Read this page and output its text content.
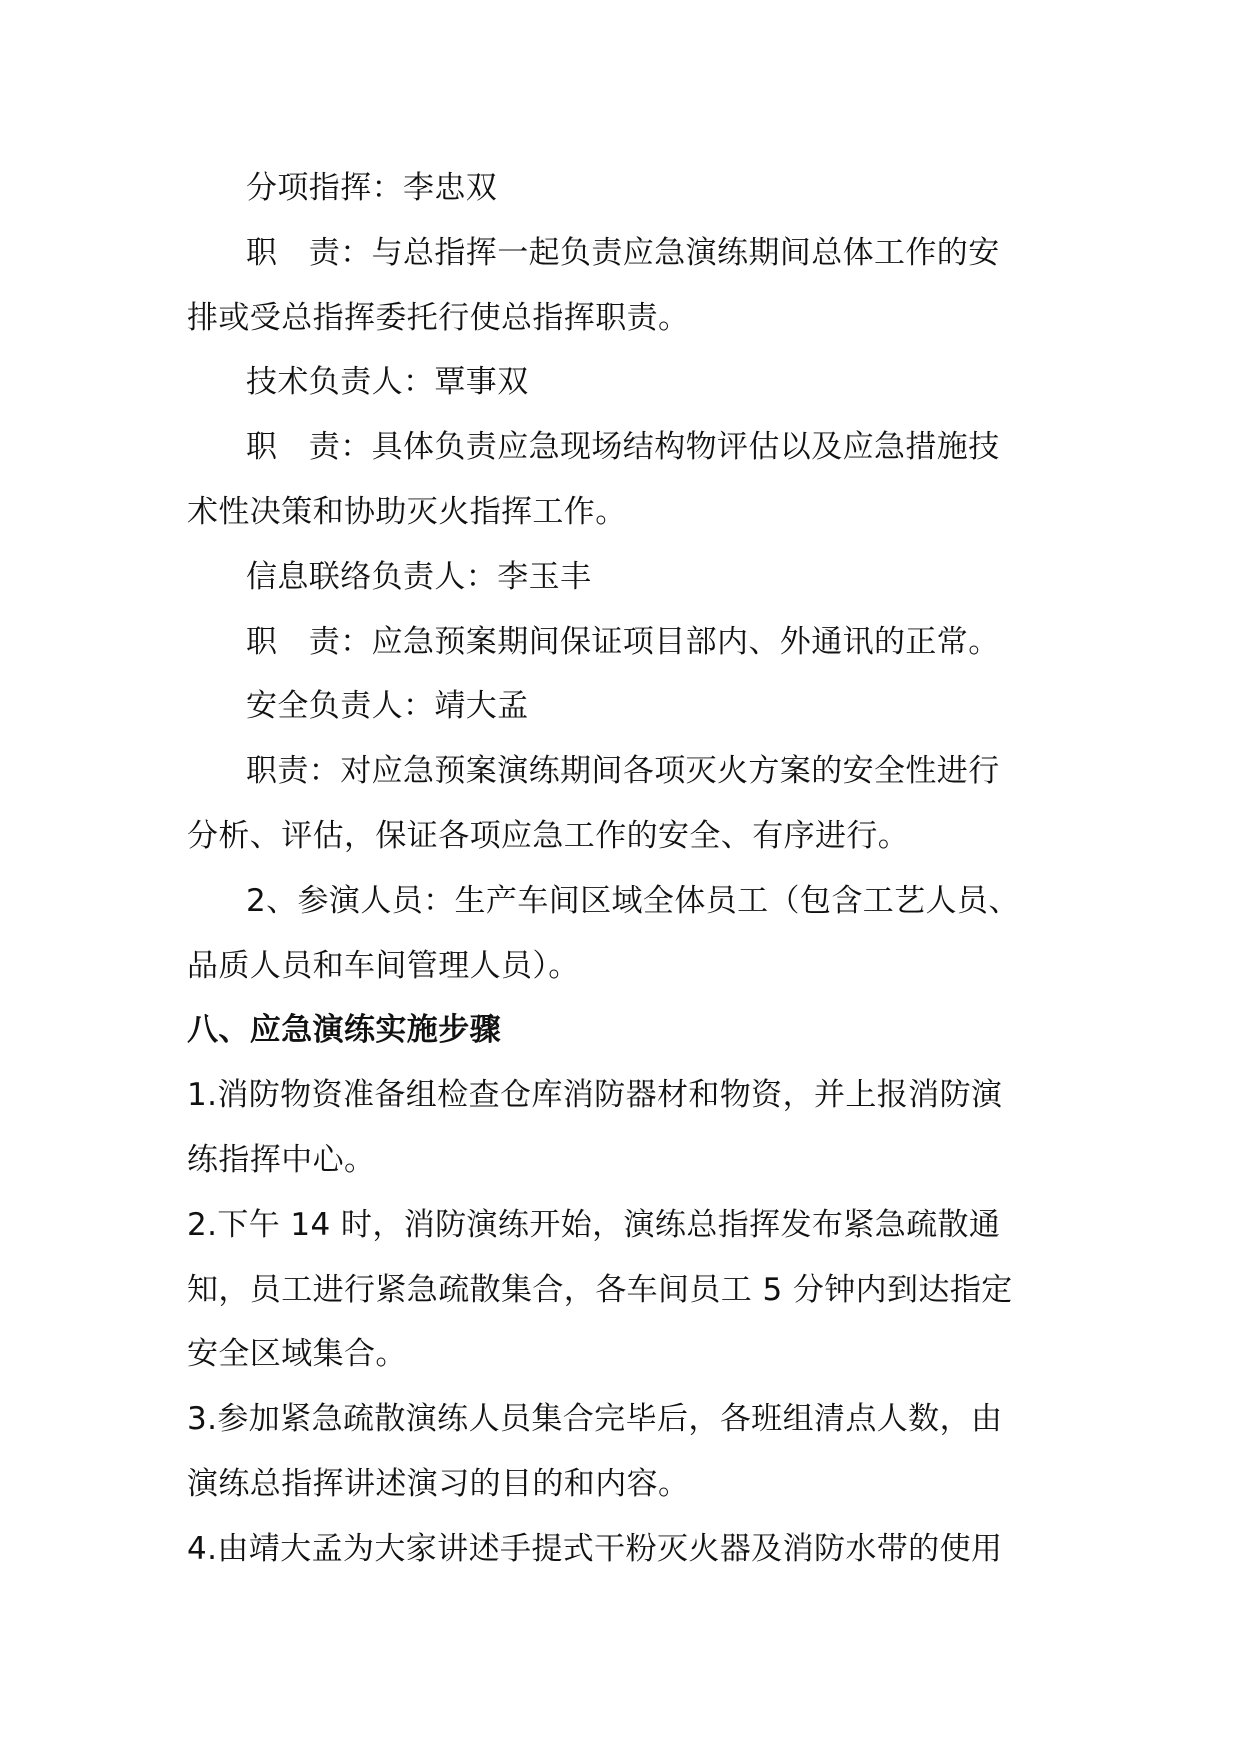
分项指挥：李忠双
职　责：与总指挥一起负责应急演练期间总体工作的安
排或受总指挥委托行使总指挥职责。
技术负责人：覃事双
职　责：具体负责应急现场结构物评估以及应急措施技
术性决策和协助灭火指挥工作。
信息联络负责人：李玉丰
职　责：应急预案期间保证项目部内、外通讯的正常。
安全负责人：靖大孟
职责：对应急预案演练期间各项灭火方案的安全性进行
分析、评估，保证各项应急工作的安全、有序进行。
2、参演人员：生产车间区域全体员工（包含工艺人员、
品质人员和车间管理人员）。
八、应急演练实施步骤
1.消防物资准备组检查仓库消防器材和物资，并上报消防演
练指挥中心。
2.下午 14 时，消防演练开始，演练总指挥发布紧急疏散通
知，员工进行紧急疏散集合，各车间员工 5 分钟内到达指定
安全区域集合。
3.参加紧急疏散演练人员集合完毕后，各班组清点人数，由
演练总指挥讲述演习的目的和内容。
4.由靖大孟为大家讲述手提式干粉灭火器及消防水带的使用
